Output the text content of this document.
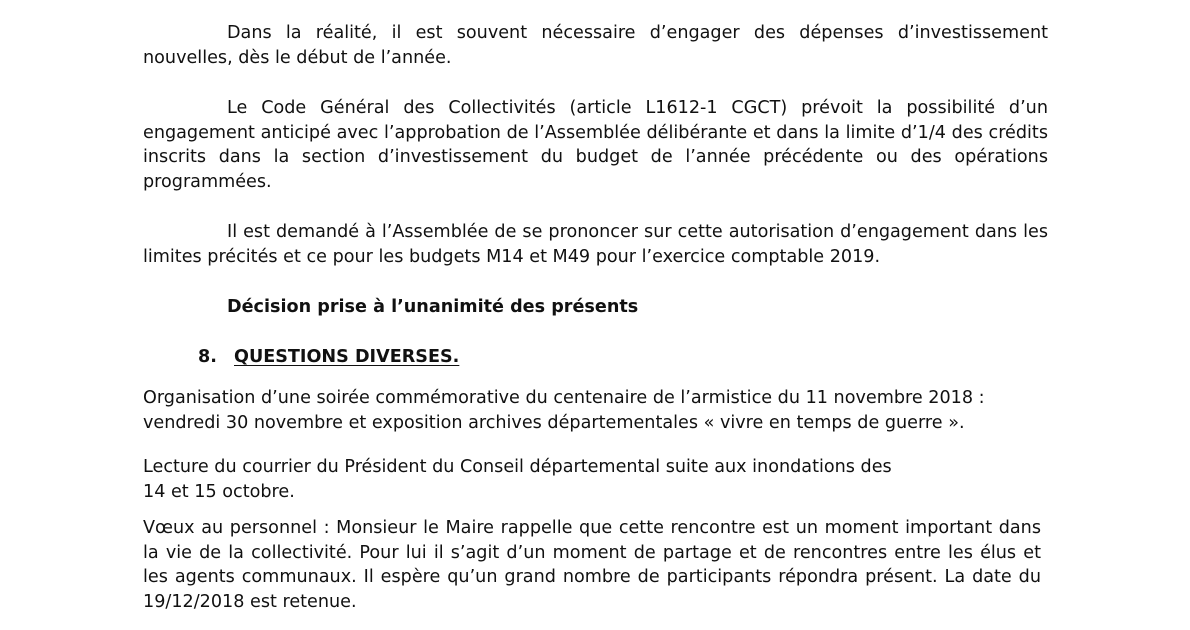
Dans la réalité, il est souvent nécessaire d’engager des dépenses d’investissement nouvelles, dès le début de l’année.
Le Code Général des Collectivités (article L1612-1 CGCT) prévoit la possibilité d’un engagement anticipé avec l’approbation de l’Assemblée délibérante et dans la limite d’1/4 des crédits inscrits dans la section d’investissement du budget de l’année précédente ou des opérations programmées.
Il est demandé à l’Assemblée de se prononcer sur cette autorisation d’engagement dans les limites précités et ce pour les budgets M14 et M49 pour l’exercice comptable 2019.
Décision prise à l’unanimité des présents
8. QUESTIONS DIVERSES.
Organisation d’une soirée commémorative du centenaire de l’armistice du 11 novembre 2018 : vendredi 30 novembre et exposition archives départementales « vivre en temps de guerre ».
Lecture du courrier du Président du Conseil départemental suite aux inondations des 14 et 15 octobre.
Vœux au personnel : Monsieur le Maire rappelle que cette rencontre est un moment important dans la vie de la collectivité. Pour lui il s’agit d’un moment de partage et de rencontres entre les élus et les agents communaux. Il espère qu’un grand nombre de participants répondra présent. La date du 19/12/2018 est retenue.
